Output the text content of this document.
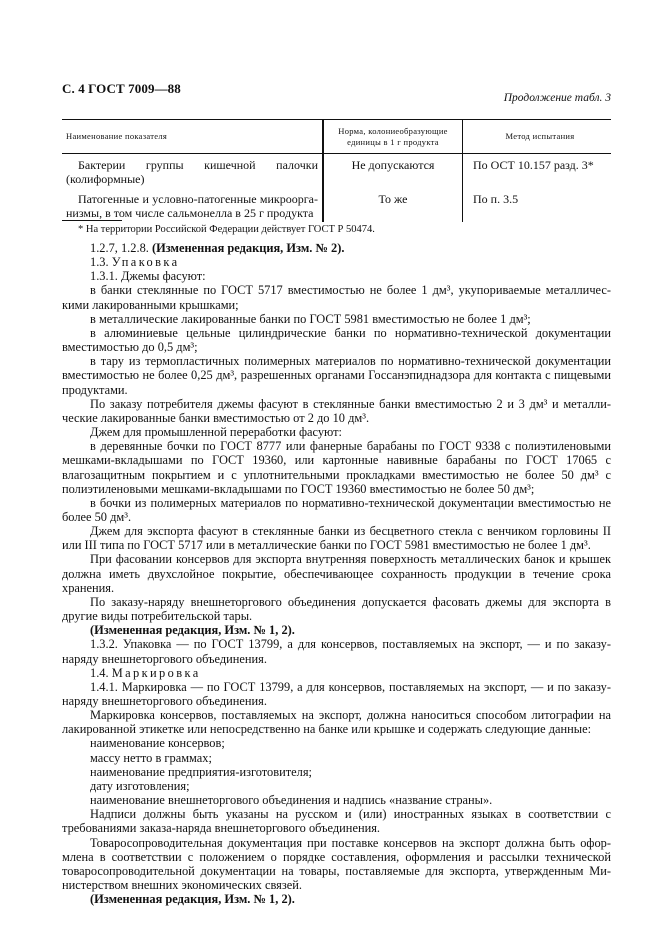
С. 4 ГОСТ 7009—88
Продолжение табл. 3
Наименование показателя	Норма, колониеобразующие единицы в 1 г продукта	Метод испытания
Бактерии группы кишечной палочки (колиформные)	Не допускаются	По ОСТ 10.157 разд. 3*
Патогенные и условно-патогенные микроорганизмы, в том числе сальмонелла в 25 г продукта	То же	По п. 3.5
* На территории Российской Федерации действует ГОСТ Р 50474.

1.2.7, 1.2.8. (Измененная редакция, Изм. № 2).

1.3. Упаковка

1.3.1. Джемы фасуют:

в банки стеклянные по ГОСТ 5717 вместимостью не более 1 дм³, укупориваемые металлическими лакированными крышками;

в металлические лакированные банки по ГОСТ 5981 вместимостью не более 1 дм³;

в алюминиевые цельные цилиндрические банки по нормативно-технической документации вместимостью до 0,5 дм³;

в тару из термопластичных полимерных материалов по нормативно-технической документации вместимостью не более 0,25 дм³, разрешенных органами Госсанэпиднадзора для контакта с пищевыми продуктами.

По заказу потребителя джемы фасуют в стеклянные банки вместимостью 2 и 3 дм³ и металлические лакированные банки вместимостью от 2 до 10 дм³.

Джем для промышленной переработки фасуют:

в деревянные бочки по ГОСТ 8777 или фанерные барабаны по ГОСТ 9338 с полиэтиленовыми мешками-вкладышами по ГОСТ 19360, или картонные навивные барабаны по ГОСТ 17065 с влагозащитным покрытием и с уплотнительными прокладками вместимостью не более 50 дм³ с полиэтиленовыми мешками-вкладышами по ГОСТ 19360 вместимостью не более 50 дм³;

в бочки из полимерных материалов по нормативно-технической документации вместимостью не более 50 дм³.

Джем для экспорта фасуют в стеклянные банки из бесцветного стекла с венчиком горловины II или III типа по ГОСТ 5717 или в металлические банки по ГОСТ 5981 вместимостью не более 1 дм³.

При фасовании консервов для экспорта внутренняя поверхность металлических банок и крышек должна иметь двухслойное покрытие, обеспечивающее сохранность продукции в течение срока хранения.

По заказу-наряду внешнеторгового объединения допускается фасовать джемы для экспорта в другие виды потребительской тары.

(Измененная редакция, Изм. № 1, 2).

1.3.2. Упаковка — по ГОСТ 13799, а для консервов, поставляемых на экспорт, — и по заказу-наряду внешнеторгового объединения.

1.4. Маркировка

1.4.1. Маркировка — по ГОСТ 13799, а для консервов, поставляемых на экспорт, — и по заказу-наряду внешнеторгового объединения.

Маркировка консервов, поставляемых на экспорт, должна наноситься способом литографии на лакированной этикетке или непосредственно на банке или крышке и содержать следующие данные:

наименование консервов;

массу нетто в граммах;

наименование предприятия-изготовителя;

дату изготовления;

наименование внешнеторгового объединения и надпись «название страны».

Надписи должны быть указаны на русском и (или) иностранных языках в соответствии с требованиями заказа-наряда внешнеторгового объединения.

Товаросопроводительная документация при поставке консервов на экспорт должна быть оформлена в соответствии с положением о порядке составления, оформления и рассылки технической товаросопроводительной документации на товары, поставляемые для экспорта, утвержденным Министерством внешних экономических связей.

(Измененная редакция, Изм. № 1, 2).
